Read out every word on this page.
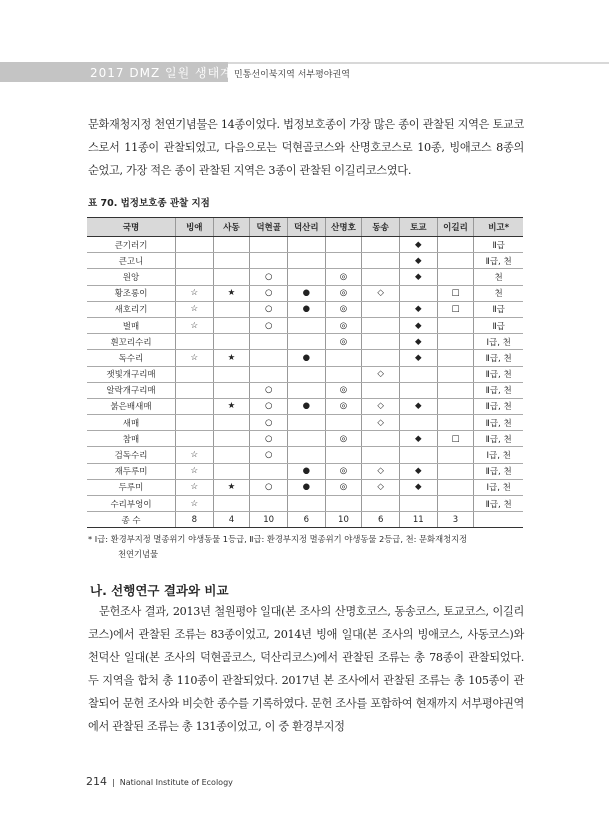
2017 DMZ 일원 생태계 조사
민통선이북지역 서부평야권역
문화재청지정 천연기념물은 14종이었다. 법정보호종이 가장 많은 종이 관찰된 지역은 토교코스로서 11종이 관찰되었고, 다음으로는 덕현골코스와 산명호코스로 10종, 빙애코스 8종의 순었고, 가장 적은 종이 관찰된 지역은 3종이 관찰된 이길리코스였다.
표 70. 법정보호종 관찰 지점
국명	빙애	사동	덕현골	덕산리	산명호	동송	토교	이길리	비고*
큰기러기							◆		Ⅱ급
큰고니							◆		Ⅱ급, 천
원앙			○		◎		◆		천
황조롱이	☆	★	○	●	◎	◇		□	천
새호리기	☆		○	●	◎		◆	□	Ⅱ급
벌매	☆		○		◎		◆		Ⅱ급
흰꼬리수리					◎		◆		Ⅰ급, 천
독수리	☆	★		●			◆		Ⅱ급, 천
잿빛개구리매						◇			Ⅱ급, 천
알락개구리매			○		◎				Ⅱ급, 천
붉은배새매		★	○	●	◎	◇	◆		Ⅱ급, 천
새매			○			◇			Ⅱ급, 천
참매			○		◎		◆	□	Ⅱ급, 천
검독수리	☆		○						Ⅰ급, 천
재두루미	☆			●	◎	◇	◆		Ⅱ급, 천
두루미	☆	★	○	●	◎	◇	◆		Ⅰ급, 천
수리부엉이	☆								Ⅱ급, 천
종 수	8	4	10	6	10	6	11	3	
* Ⅰ급: 환경부지정 멸종위기 야생동물 1등급, Ⅱ급: 환경부지정 멸종위기 야생동물 2등급, 천: 문화재청지정
천연기념물
나. 선행연구 결과와 비교
문헌조사 결과, 2013년 철원평야 일대(본 조사의 산명호코스, 동송코스, 토교코스, 이길리코스)에서 관찰된 조류는 83종이었고, 2014년 빙애 일대(본 조사의 빙애코스, 사동코스)와 천덕산 일대(본 조사의 덕현골코스, 덕산리코스)에서 관찰된 조류는 총 78종이 관찰되었다. 두 지역을 합처 총 110종이 관찰되었다. 2017년 본 조사에서 관찰된 조류는 총 105종이 관찰되어 문헌 조사와 비슷한 종수를 기록하였다. 문헌 조사를 포함하여 현재까지 서부평야권역에서 관찰된 조류는 총 131종이었고, 이 중 환경부지정
214 | National Institute of Ecology
